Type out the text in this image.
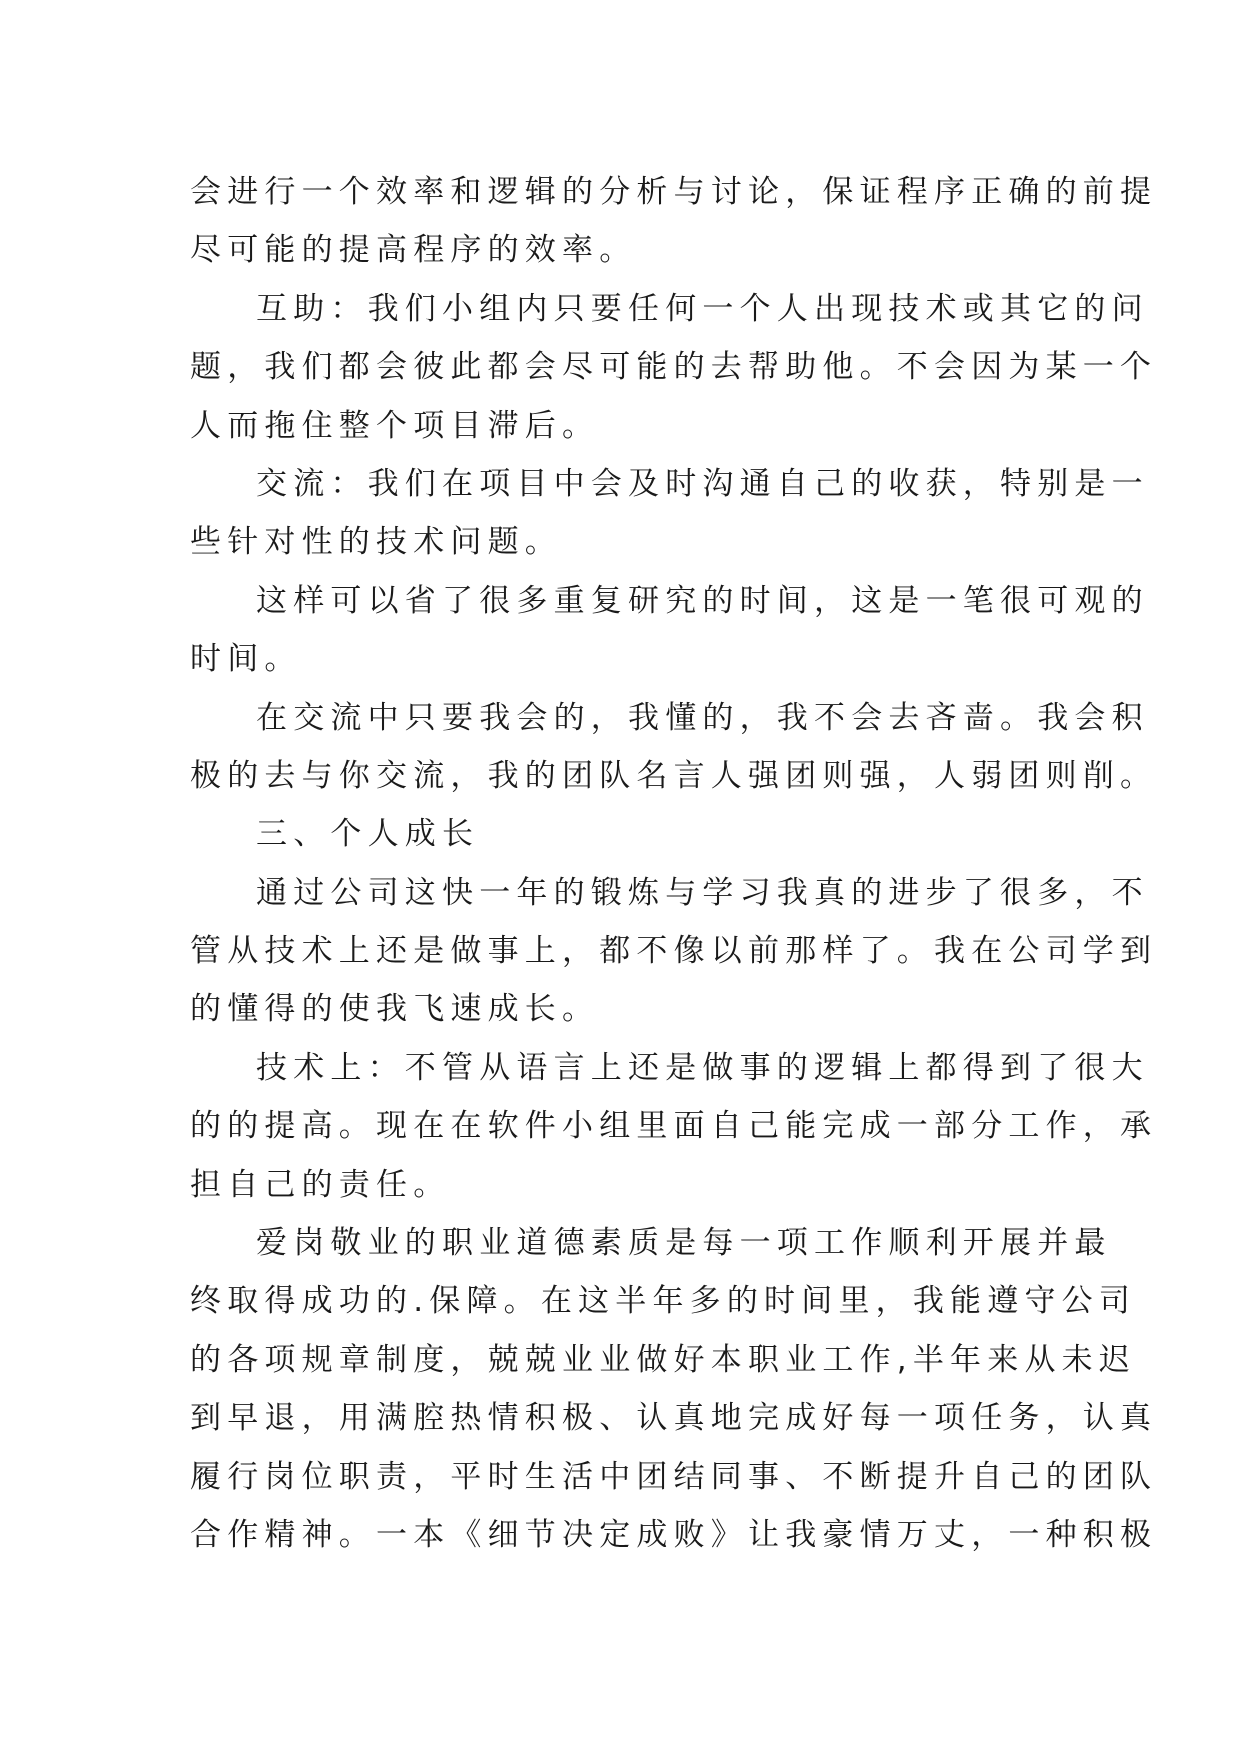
会进行一个效率和逻辑的分析与讨论，保证程序正确的前提
尽可能的提高程序的效率。
互助：我们小组内只要任何一个人出现技术或其它的问
题，我们都会彼此都会尽可能的去帮助他。不会因为某一个
人而拖住整个项目滞后。
交流：我们在项目中会及时沟通自己的收获，特别是一
些针对性的技术问题。
这样可以省了很多重复研究的时间，这是一笔很可观的
时间。
在交流中只要我会的，我懂的，我不会去吝啬。我会积
极的去与你交流，我的团队名言人强团则强，人弱团则削。
三、个人成长
通过公司这快一年的锻炼与学习我真的进步了很多，不
管从技术上还是做事上，都不像以前那样了。我在公司学到
的懂得的使我飞速成长。
技术上：不管从语言上还是做事的逻辑上都得到了很大
的的提高。现在在软件小组里面自己能完成一部分工作，承
担自己的责任。
爱岗敬业的职业道德素质是每一项工作顺利开展并最
终取得成功的.保障。在这半年多的时间里，我能遵守公司
的各项规章制度，兢兢业业做好本职业工作,半年来从未迟
到早退，用满腔热情积极、认真地完成好每一项任务，认真
履行岗位职责，平时生活中团结同事、不断提升自己的团队
合作精神。一本《细节决定成败》让我豪情万丈，一种积极
